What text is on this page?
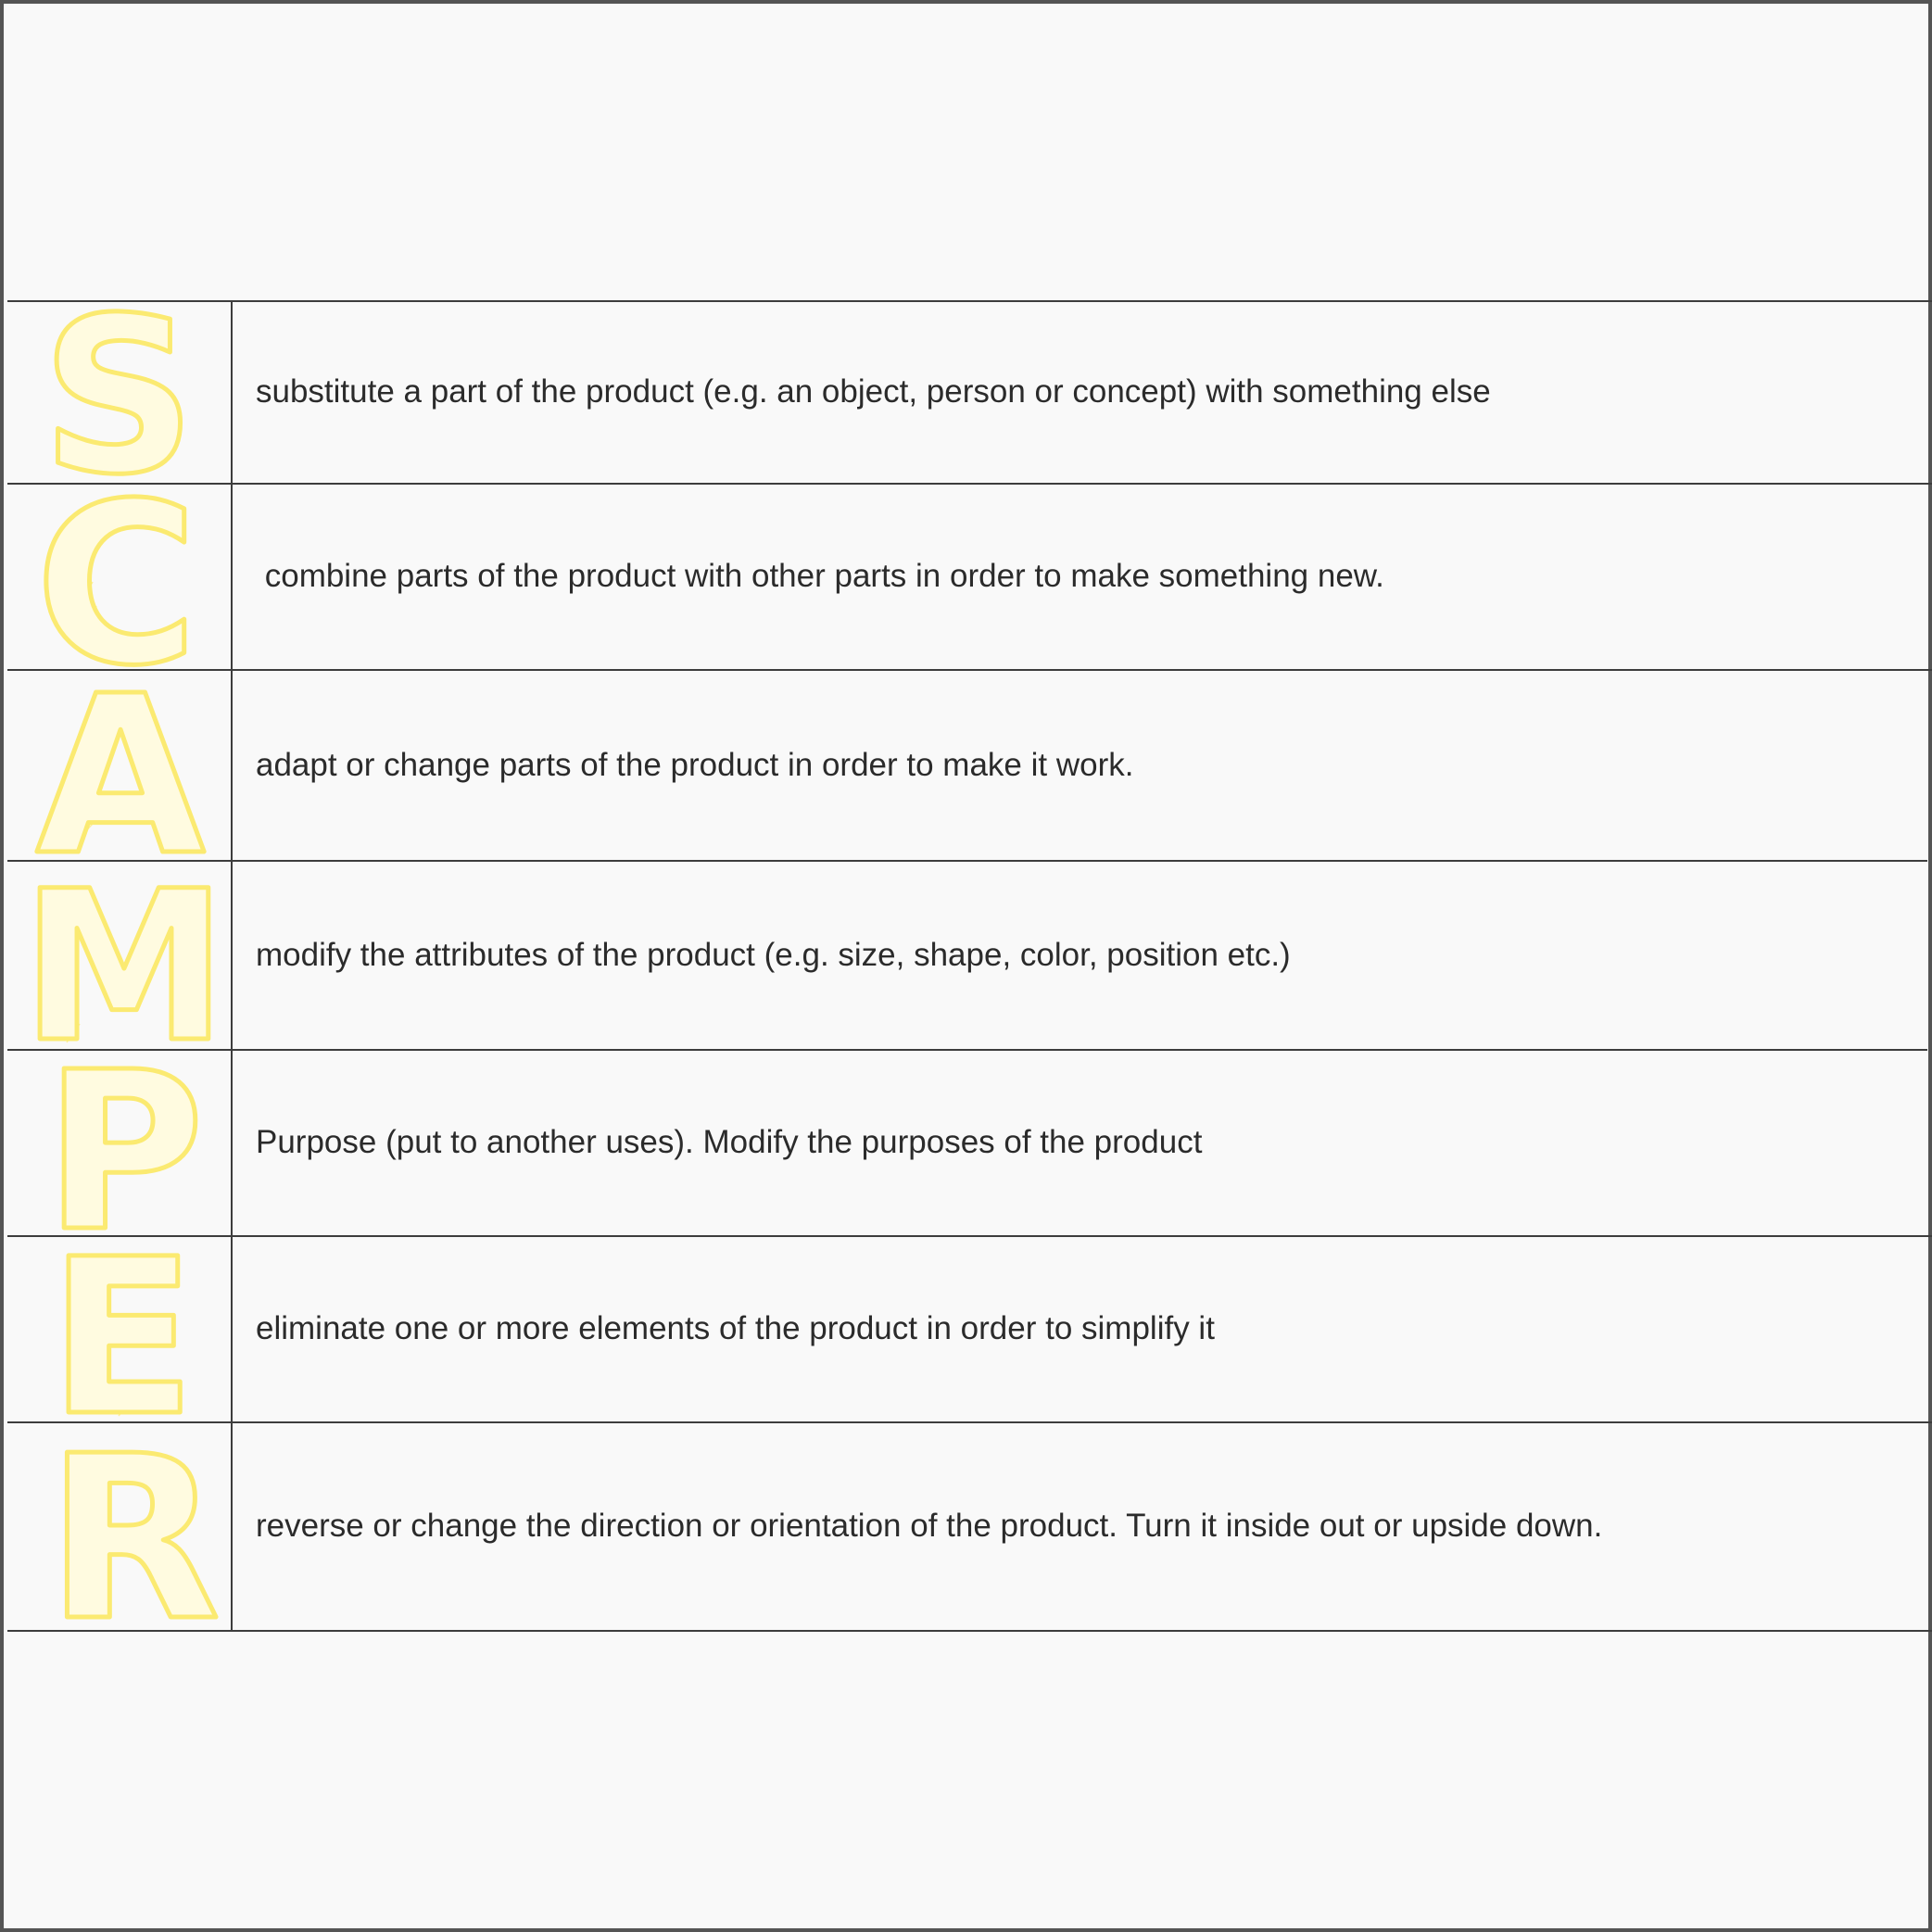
S substitute a part of the product (e.g. an object, person or concept) with something else
C combine parts of the product with other parts in order to make something new.
A adapt or change parts of the product in order to make it work.
M modify the attributes of the product (e.g. size, shape, color, position etc.)
P Purpose (put to another uses). Modify the purposes of the product
E eliminate one or more elements of the product in order to simplify it
R reverse or change the direction or orientation of the product. Turn it inside out or upside down.
